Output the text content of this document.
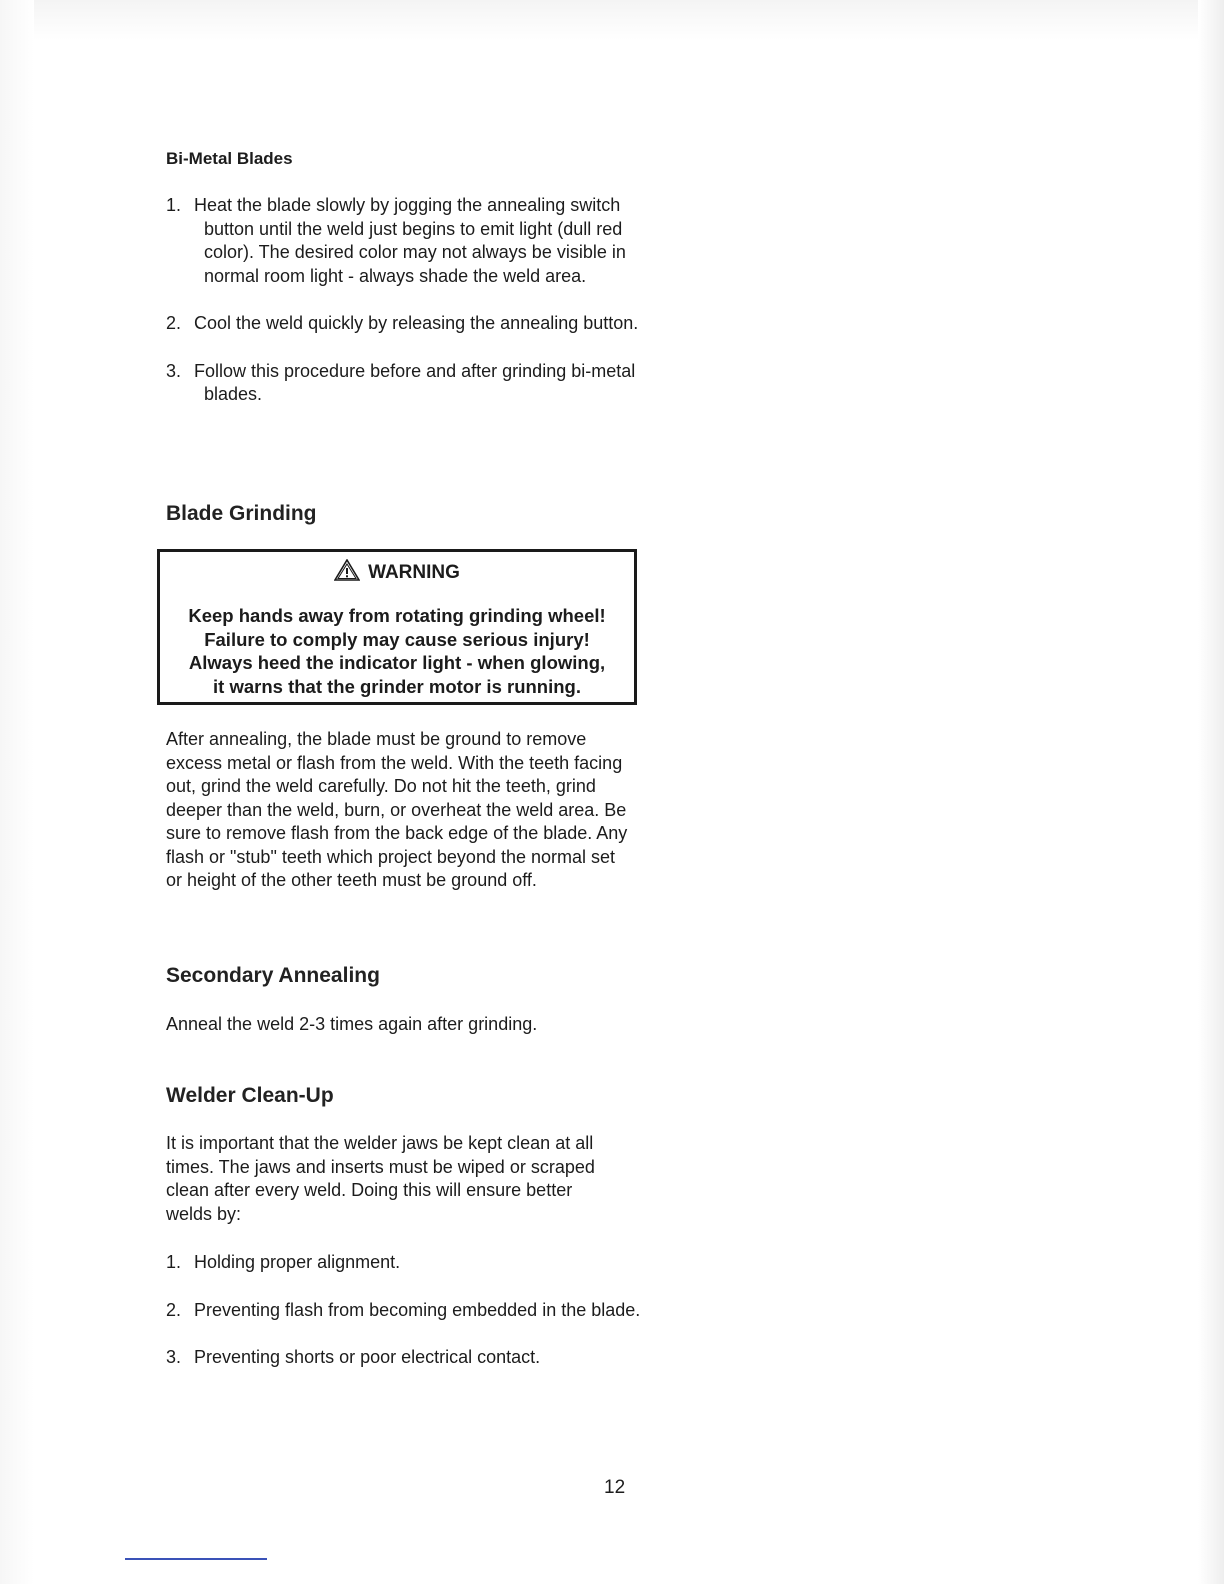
Bi-Metal Blades
1. Heat the blade slowly by jogging the annealing switch button until the weld just begins to emit light (dull red color). The desired color may not always be visible in normal room light - always shade the weld area.
2. Cool the weld quickly by releasing the annealing button.
3. Follow this procedure before and after grinding bi-metal blades.
Blade Grinding

After annealing, the blade must be ground to remove excess metal or flash from the weld. With the teeth facing out, grind the weld carefully. Do not hit the teeth, grind deeper than the weld, burn, or overheat the weld area. Be sure to remove flash from the back edge of the blade. Any flash or "stub" teeth which project beyond the normal set or height of the other teeth must be ground off.

Secondary Annealing

Anneal the weld 2-3 times again after grinding.

Welder Clean-Up

It is important that the welder jaws be kept clean at all times. The jaws and inserts must be wiped or scraped clean after every weld. Doing this will ensure better welds by:

1. Holding proper alignment.
2. Preventing flash from becoming embedded in the blade.
3. Preventing shorts or poor electrical contact.
WARNING
Keep hands away from rotating grinding wheel!
Failure to comply may cause serious injury!
Always heed the indicator light - when glowing,
it warns that the grinder motor is running.
12
